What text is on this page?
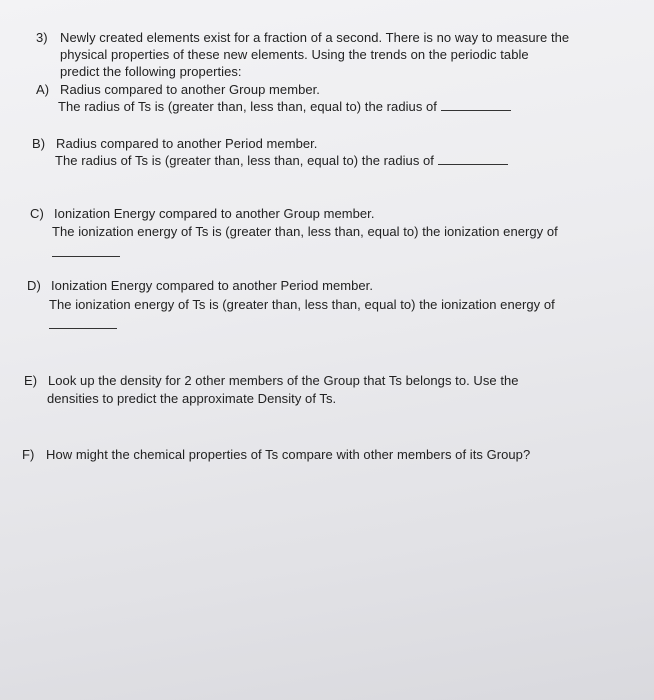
3) Newly created elements exist for a fraction of a second. There is no way to measure the
physical properties of these new elements. Using the trends on the periodic table
predict the following properties:
A) Radius compared to another Group member.
The radius of Ts is (greater than, less than, equal to) the radius of
B) Radius compared to another Period member.
The radius of Ts is (greater than, less than, equal to) the radius of
C) Ionization Energy compared to another Group member.
The ionization energy of Ts is (greater than, less than, equal to) the ionization energy of
D) Ionization Energy compared to another Period member.
The ionization energy of Ts is (greater than, less than, equal to) the ionization energy of
E) Look up the density for 2 other members of the Group that Ts belongs to. Use the
densities to predict the approximate Density of Ts.
F) How might the chemical properties of Ts compare with other members of its Group?
